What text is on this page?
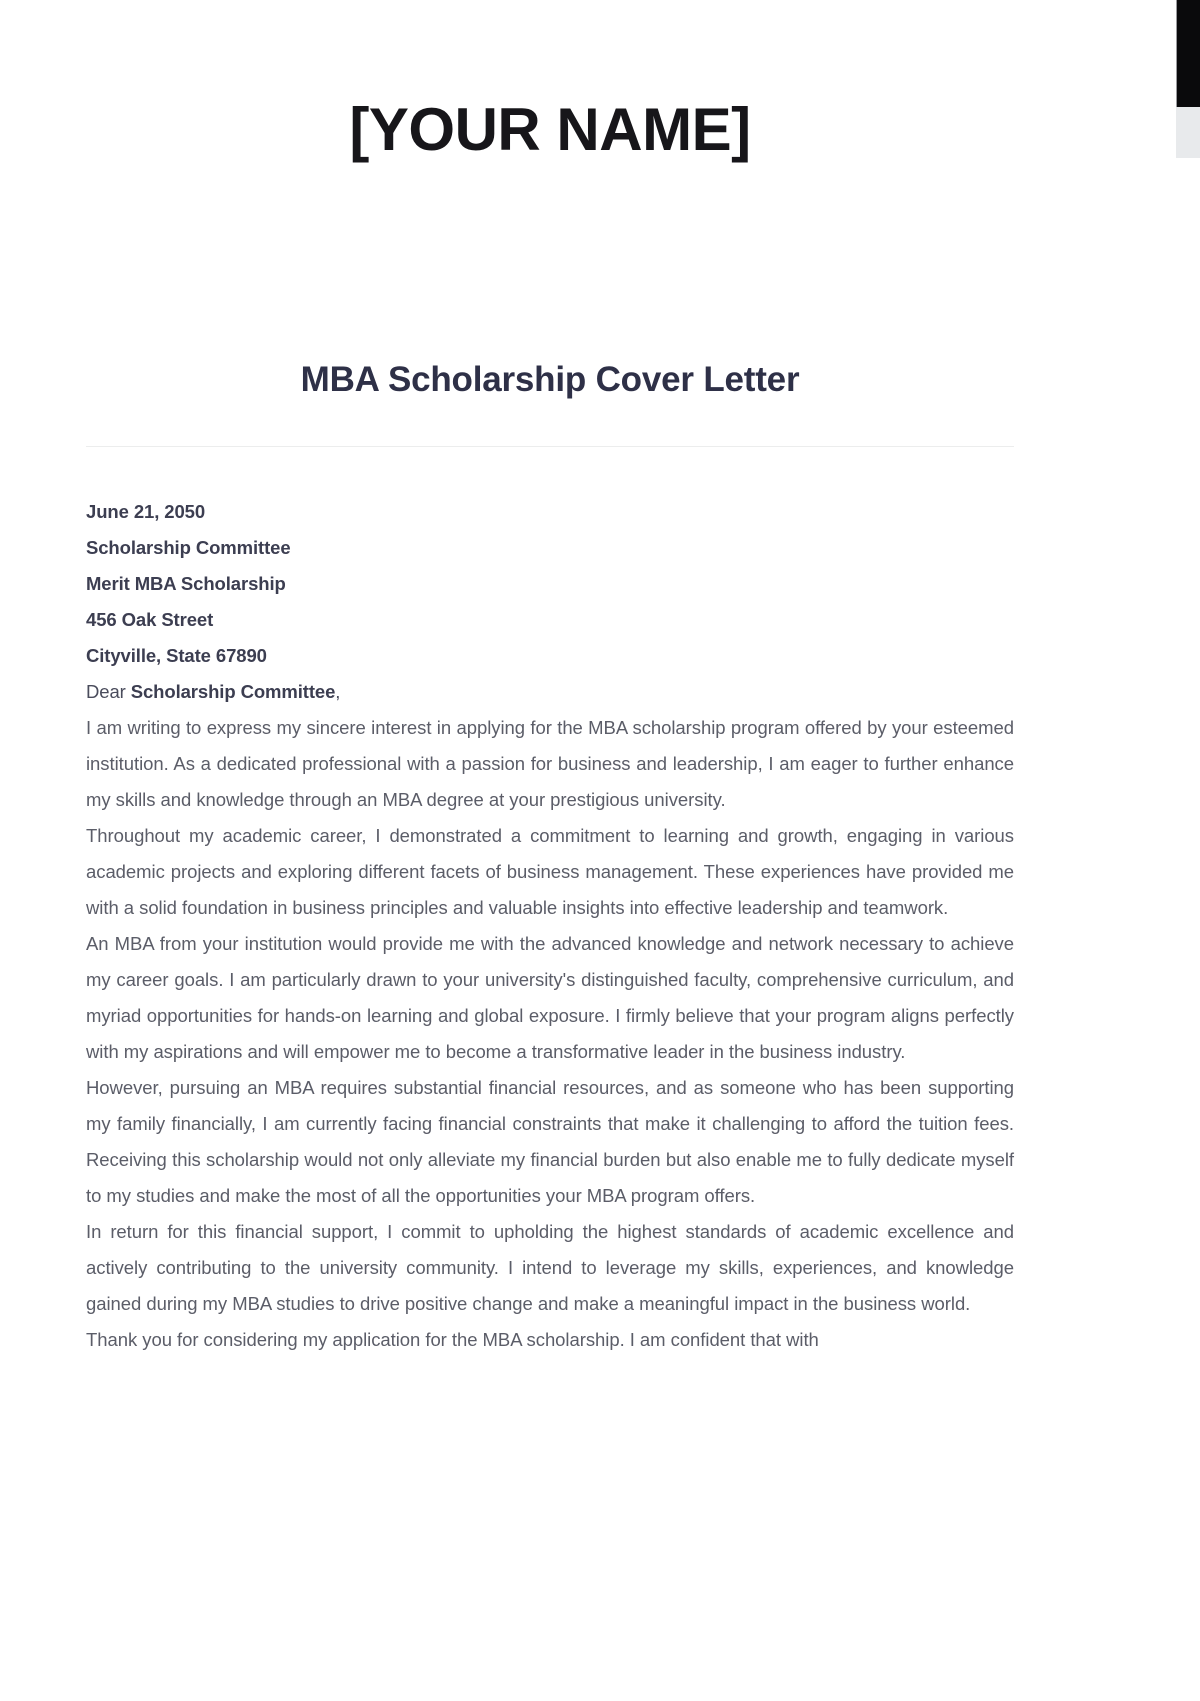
[YOUR NAME]
MBA Scholarship Cover Letter
June 21, 2050
Scholarship Committee
Merit MBA Scholarship
456 Oak Street
Cityville, State 67890
Dear Scholarship Committee,

I am writing to express my sincere interest in applying for the MBA scholarship program offered by your esteemed institution. As a dedicated professional with a passion for business and leadership, I am eager to further enhance my skills and knowledge through an MBA degree at your prestigious university.

Throughout my academic career, I demonstrated a commitment to learning and growth, engaging in various academic projects and exploring different facets of business management. These experiences have provided me with a solid foundation in business principles and valuable insights into effective leadership and teamwork.

An MBA from your institution would provide me with the advanced knowledge and network necessary to achieve my career goals. I am particularly drawn to your university's distinguished faculty, comprehensive curriculum, and myriad opportunities for hands-on learning and global exposure. I firmly believe that your program aligns perfectly with my aspirations and will empower me to become a transformative leader in the business industry.

However, pursuing an MBA requires substantial financial resources, and as someone who has been supporting my family financially, I am currently facing financial constraints that make it challenging to afford the tuition fees. Receiving this scholarship would not only alleviate my financial burden but also enable me to fully dedicate myself to my studies and make the most of all the opportunities your MBA program offers.

In return for this financial support, I commit to upholding the highest standards of academic excellence and actively contributing to the university community. I intend to leverage my skills, experiences, and knowledge gained during my MBA studies to drive positive change and make a meaningful impact in the business world.

Thank you for considering my application for the MBA scholarship. I am confident that with
